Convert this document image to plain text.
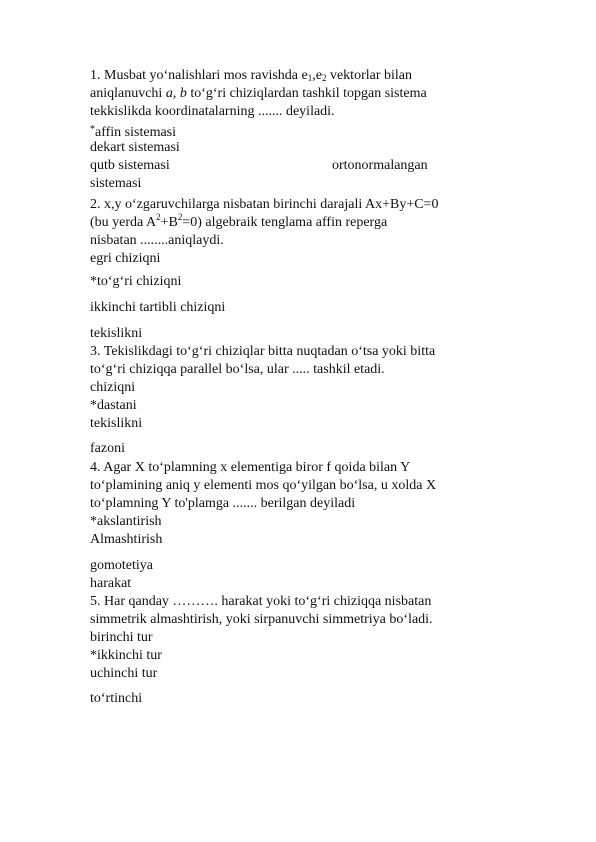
1. Musbat yo‘nalishlari mos ravishda $e_1,e_2$ vektorlar bilan
aniqlanuvchi a, b to‘g‘ri chiziqlardan tashkil topgan sistema
tekkislikda koordinatalarning ....... deyiladi.
*affin sistemasi
dekart sistemasi
qutb sistemasi	ortonormalangan
sistemasi
2. x,y o‘zgaruvchilarga nisbatan birinchi darajali Ax+By+C=0
(bu yerda $A^2+B^2=0$) algebraik tenglama affin reperga
nisbatan ........aniqlaydi.
egri chiziqni
*to‘g‘ri chiziqni
ikkinchi tartibli chiziqni
tekislikni
3. Tekislikdagi to‘g‘ri chiziqlar bitta nuqtadan o‘tsa yoki bitta
to‘g‘ri chiziqqa parallel bo‘lsa, ular ..... tashkil etadi.
chiziqni
*dastani
tekislikni
fazoni
4. Agar X to‘plamning x elementiga biror f qoida bilan Y
to‘plamining aniq y elementi mos qo‘yilgan bo‘lsa, u xolda X
to‘plamning Y to'plamga ....... berilgan deyiladi
*akslantirish
Almashtirish
gomotetiya
harakat
5. Har qanday ………. harakat yoki to‘g‘ri chiziqqa nisbatan
simmetrik almashtirish, yoki sirpanuvchi simmetriya bo‘ladi.
birinchi tur
*ikkinchi tur
uchinchi tur
to‘rtinchi
